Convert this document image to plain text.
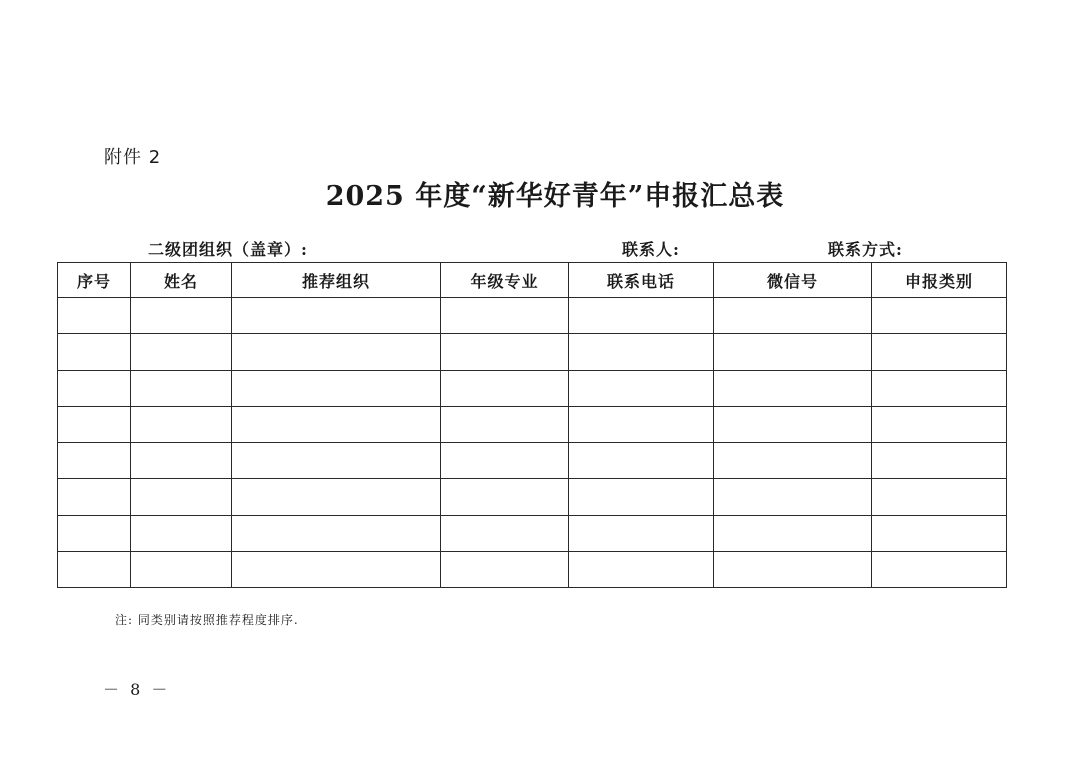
附件 2
2025 年度“新华好青年”申报汇总表
二级团组织（盖章）:	联系人:	联系方式:
序号	姓名	推荐组织	年级专业	联系电话	微信号	申报类别

注: 同类别请按照推荐程度排序.
－ 8 －
